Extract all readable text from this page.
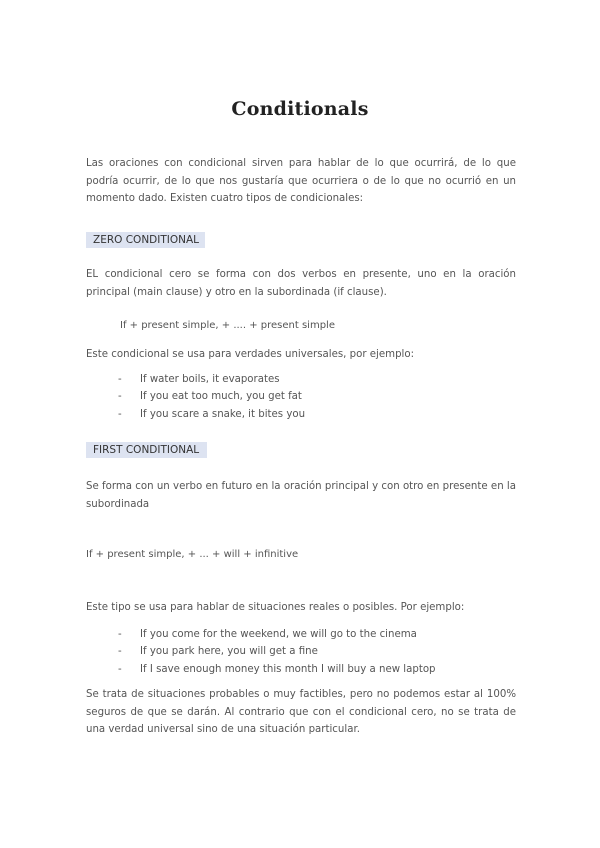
Conditionals
Las oraciones con condicional sirven para hablar de lo que ocurrirá, de lo que podría ocurrir, de lo que nos gustaría que ocurriera o de lo que no ocurrió en un momento dado. Existen cuatro tipos de condicionales:
ZERO CONDITIONAL
EL condicional cero se forma con dos verbos en presente, uno en la oración principal (main clause) y otro en la subordinada (if clause).
If + present simple, + .... + present simple
Este condicional se usa para verdades universales, por ejemplo:
- If water boils, it evaporates
- If you eat too much, you get fat
- If you scare a snake, it bites you
FIRST CONDITIONAL
Se forma con un verbo en futuro en la oración principal y con otro en presente en la subordinada
If + present simple, + ... + will + infinitive
Este tipo se usa para hablar de situaciones reales o posibles. Por ejemplo:
- If you come for the weekend, we will go to the cinema
- If you park here, you will get a fine
- If I save enough money this month I will buy a new laptop
Se trata de situaciones probables o muy factibles, pero no podemos estar al 100% seguros de que se darán. Al contrario que con el condicional cero, no se trata de una verdad universal sino de una situación particular.
